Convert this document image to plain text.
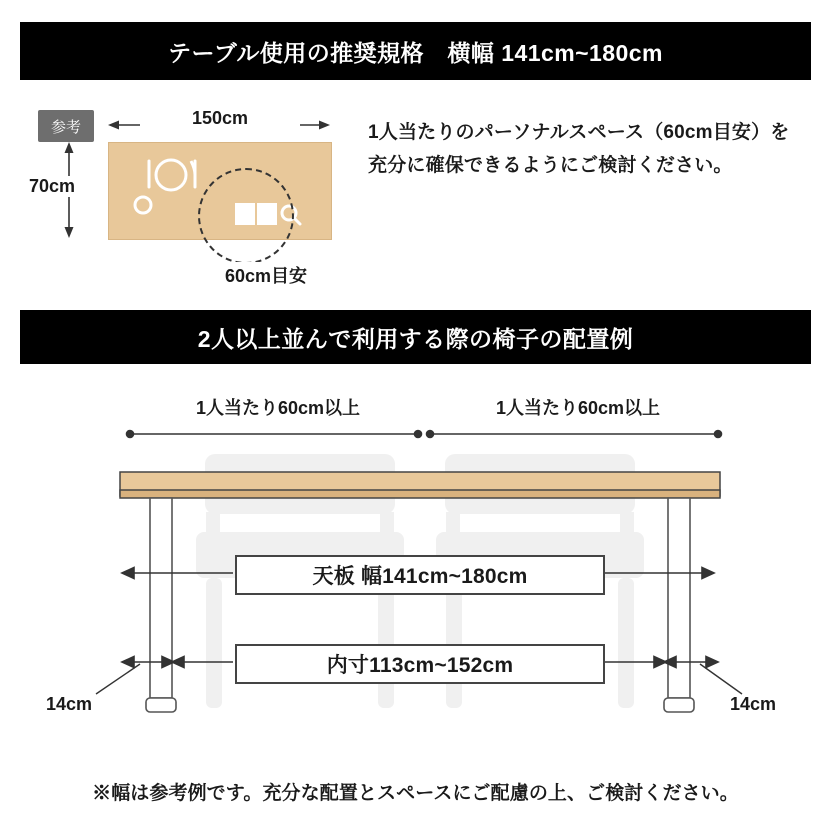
テーブル使用の推奨規格　横幅 141cm~180cm
参考	150cm
70cm
60cm目安
1人当たりのパーソナルスペース（60cm目安）を充分に確保できるようにご検討ください。
2人以上並んで利用する際の椅子の配置例
1人当たり60cm以上	1人当たり60cm以上
天板 幅141cm~180cm
内寸113cm~152cm
14cm	14cm
※幅は参考例です。充分な配置とスペースにご配慮の上、ご検討ください。
